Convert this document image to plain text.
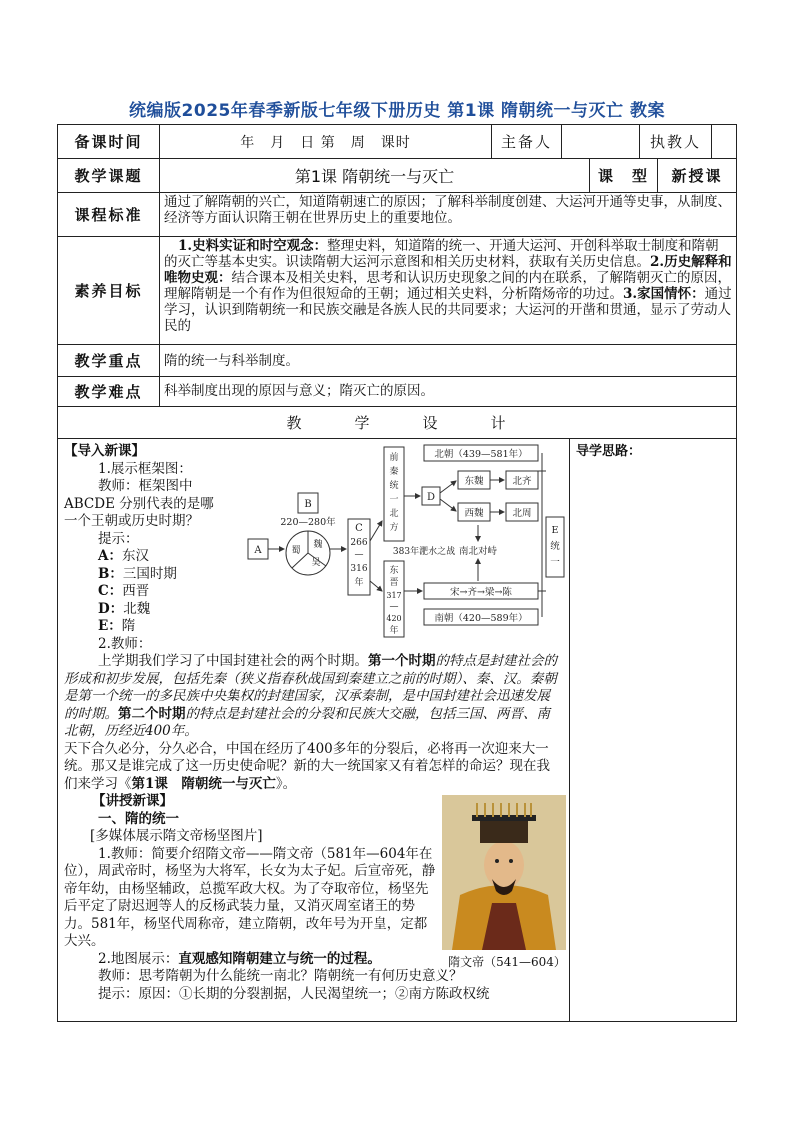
统编版2025年春季新版七年级下册历史 第1课 隋朝统一与灭亡 教案
备课时间	年　月　日 第　周　课时	主备人	执教人
教学课题	第1课 隋朝统一与灭亡	课　型	新授课
课程标准
通过了解隋朝的兴亡，知道隋朝速亡的原因；了解科举制度创建、大运河开通等史事，从制度、经济等方面认识隋王朝在世界历史上的重要地位。
素养目标
1.史料实证和时空观念：整理史料，知道隋的统一、开通大运河、开创科举取士制度和隋朝的灭亡等基本史实。识读隋朝大运河示意图和相关历史材料，获取有关历史信息。2.历史解释和唯物史观：结合课本及相关史料，思考和认识历史现象之间的内在联系，了解隋朝灭亡的原因，理解隋朝是一个有作为但很短命的王朝；通过相关史料，分析隋炀帝的功过。3.家国情怀：通过学习，认识到隋朝统一和民族交融是各族人民的共同要求；大运河的开凿和贯通，显示了劳动人民的
教学重点	隋的统一与科举制度。
教学难点	科举制度出现的原因与意义；隋灭亡的原因。
教　　　学　　　设　　　计
【导入新课】
1.展示框架图：
教师：框架图中
ABCDE 分别代表的是哪
一个王朝或历史时期？
提示：
A：东汉
B：三国时期
C：西晋
D：北魏
E：隋
2.教师：
上学期我们学习了中国封建社会的两个时期。第一个时期的特点是封建社会的形成和初步发展，包括先秦（狭义指春秋战国到秦建立之前的时期）、秦、汉。秦朝是第一个统一的多民族中央集权的封建国家，汉承秦制，是中国封建社会迅速发展的时期。第二个时期的特点是封建社会的分裂和民族大交融，包括三国、两晋、南北朝，历经近400年。
天下合久必分，分久必合，中国在经历了400多年的分裂后，必将再一次迎来大一统。那又是谁完成了这一历史使命呢？新的大一统国家又有着怎样的命运？现在我们来学习《第1课　隋朝统一与灭亡》。
【讲授新课】
一、隋的统一
[多媒体展示隋文帝杨坚图片]
1.教师：简要介绍隋文帝——隋文帝（581年—604年在位），周武帝时，杨坚为大将军，长女为太子妃。后宣帝死，静帝年幼，由杨坚辅政，总揽军政大权。为了夺取帝位，杨坚先后平定了尉迟迥等人的反杨武装力量，又消灭周室诸王的势力。581年，杨坚代周称帝，建立隋朝，改年号为开皇，定都大兴。
2.地图展示：直观感知隋朝建立与统一的过程。
教师：思考隋朝为什么能统一南北？隋朝统一有何历史意义？
提示：原因：①长期的分裂割据，人民渴望统一；②南方陈政权统
A
B
220—280年
魏
蜀
吴
C
266
—
316
年
前
秦
统
一
北
方
东
晋
317
—
420
年
383年淝水之战
D
北朝（439—581年）
东魏	北齐
西魏	北周
南北对峙
宋→齐→梁→陈
南朝（420—589年）
E
统
一
隋文帝（541—604）
导学思路：
